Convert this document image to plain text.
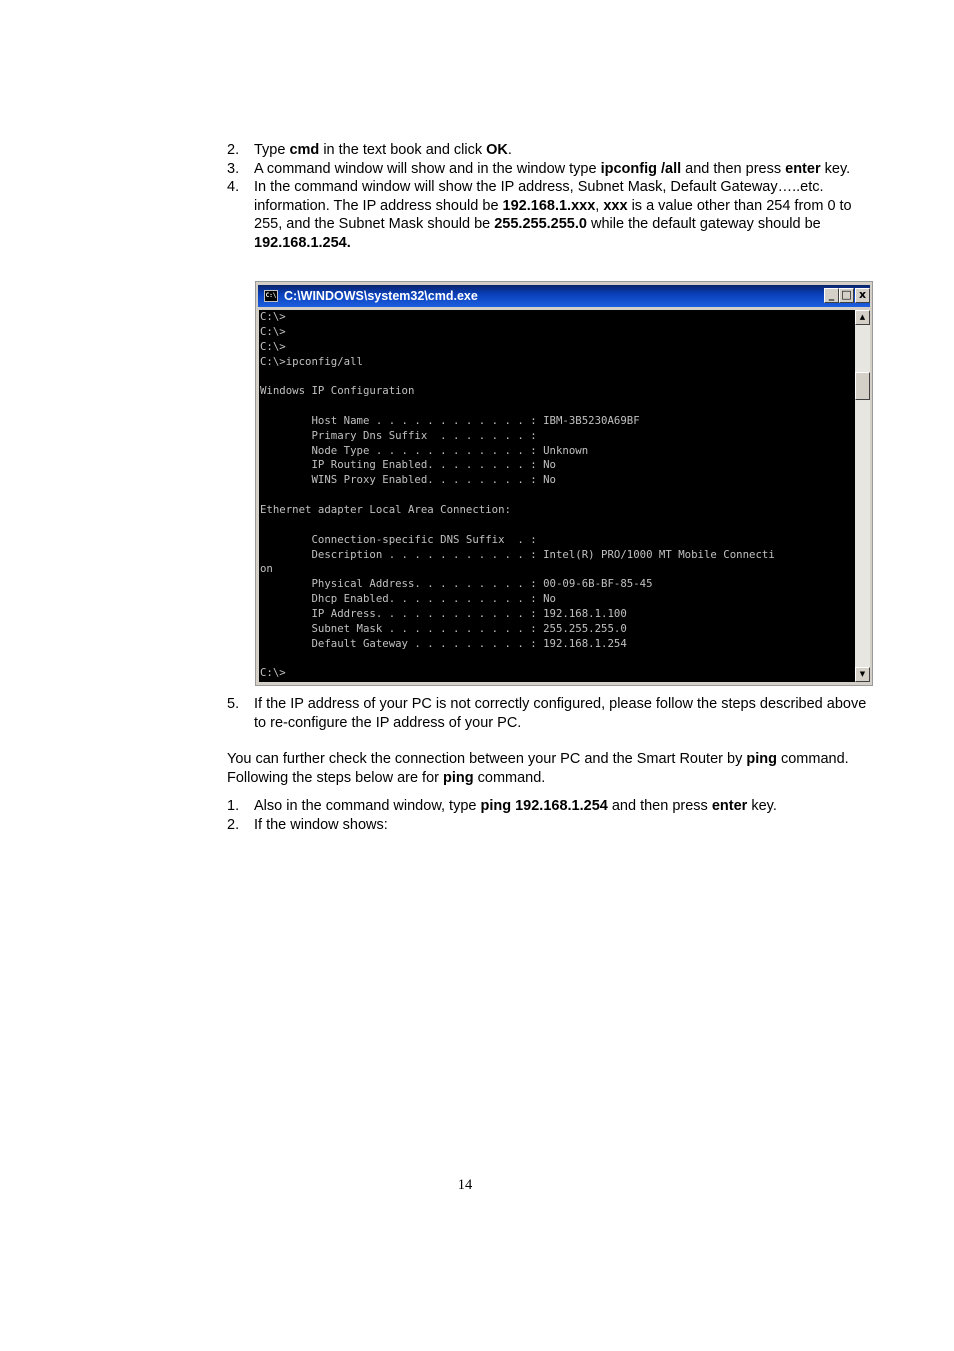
2. Type cmd in the text book and click OK.

3. A command window will show and in the window type ipconfig /all and then press enter key.

4. In the command window will show the IP address, Subnet Mask, Default Gateway…..etc. information. The IP address should be 192.168.1.xxx, xxx is a value other than 254 from 0 to 255, and the Subnet Mask should be 255.255.255.0 while the default gateway should be 192.168.1.254.

C:\ C:\WINDOWS\system32\cmd.exe	_ □ x
C:\>
C:\>
C:\>
C:\>ipconfig/all

Windows IP Configuration

Host Name . . . . . . . . . . . . : IBM-3B5230A69BF
Primary Dns Suffix  . . . . . . . :
Node Type . . . . . . . . . . . . : Unknown
IP Routing Enabled. . . . . . . . : No
WINS Proxy Enabled. . . . . . . . : No

Ethernet adapter Local Area Connection:

Connection-specific DNS Suffix  . :
Description . . . . . . . . . . . : Intel(R) PRO/1000 MT Mobile Connecti
on
Physical Address. . . . . . . . . : 00-09-6B-BF-85-45
Dhcp Enabled. . . . . . . . . . . : No
IP Address. . . . . . . . . . . . : 192.168.1.100
Subnet Mask . . . . . . . . . . . : 255.255.255.0
Default Gateway . . . . . . . . . : 192.168.1.254

C:\>
▲
▼
5. If the IP address of your PC is not correctly configured, please follow the steps described above to re-configure the IP address of your PC.

You can further check the connection between your PC and the Smart Router by ping command. Following the steps below are for ping command.

1. Also in the command window, type ping 192.168.1.254 and then press enter key.

2. If the window shows:

14
